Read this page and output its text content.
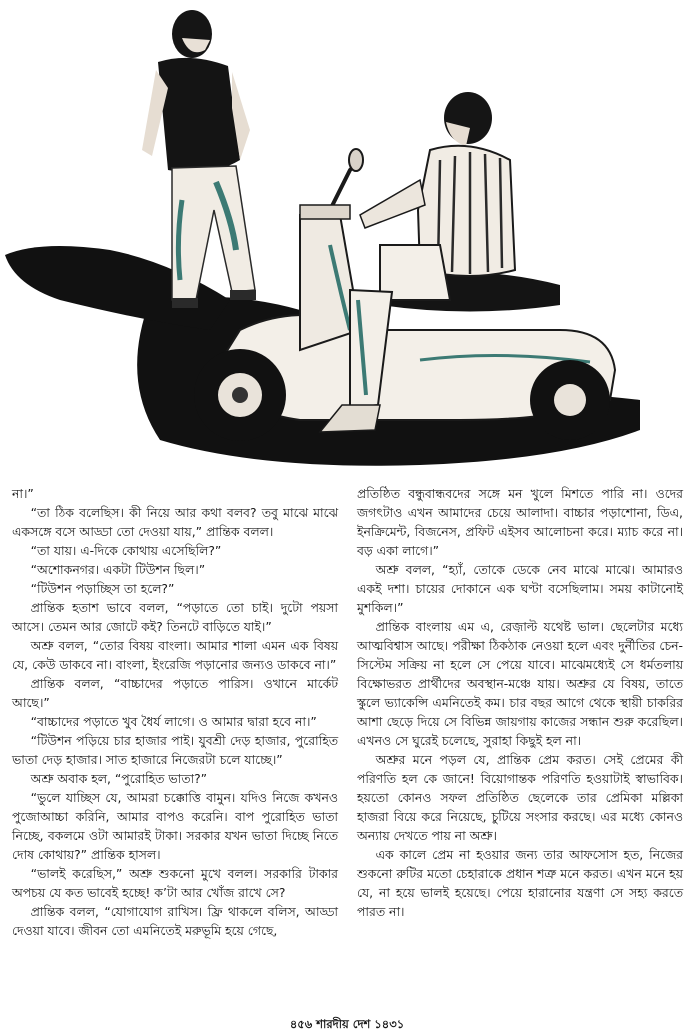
না।”

“তা ঠিক বলেছিস। কী নিয়ে আর কথা বলব? তবু মাঝে মাঝে একসঙ্গে বসে আড্ডা তো দেওয়া যায়,” প্রান্তিক বলল।

“তা যায়। এ-দিকে কোথায় এসেছিলি?”

“অশোকনগর। একটা টিউশন ছিল।”

“টিউশন পড়াচ্ছিস তা হলে?”

প্রান্তিক হতাশ ভাবে বলল, “পড়াতে তো চাই। দুটো পয়সা আসে। তেমন আর জোটে কই? তিনটে বাড়িতে যাই।”

অশ্রু বলল, “তোর বিষয় বাংলা। আমার শালা এমন এক বিষয় যে, কেউ ডাকবে না। বাংলা, ইংরেজি পড়ানোর জন্যও ডাকবে না।”

প্রান্তিক বলল, “বাচ্চাদের পড়াতে পারিস। ওখানে মার্কেট আছে।”

“বাচ্চাদের পড়াতে খুব ধৈর্য লাগে। ও আমার দ্বারা হবে না।”

“টিউশন পড়িয়ে চার হাজার পাই। যুবশ্রী দেড় হাজার, পুরোহিত ভাতা দেড় হাজার। সাত হাজারে নিজেরটা চলে যাচ্ছে।”

অশ্রু অবাক হল, “পুরোহিত ভাতা?”

“ভুলে যাচ্ছিস যে, আমরা চক্কোত্তি বামুন। যদিও নিজে কখনও পুজোআচ্চা করিনি, আমার বাপও করেনি। বাপ পুরোহিত ভাতা নিচ্ছে, বকলমে ওটা আমারই টাকা। সরকার যখন ভাতা দিচ্ছে নিতে দোষ কোথায়?” প্রান্তিক হাসল।

“ভালই করেছিস,” অশ্রু শুকনো মুখে বলল। সরকারি টাকার অপচয় যে কত ভাবেই হচ্ছে! ক’টা আর খোঁজ রাখে সে?

প্রান্তিক বলল, “যোগাযোগ রাখিস। ফ্রি থাকলে বলিস, আড্ডা দেওয়া যাবে। জীবন তো এমনিতেই মরুভূমি হয়ে গেছে,

প্রতিষ্ঠিত বন্ধুবান্ধবদের সঙ্গে মন খুলে মিশতে পারি না। ওদের জগৎটাও এখন আমাদের চেয়ে আলাদা। বাচ্চার পড়াশোনা, ডিএ, ইনক্রিমেন্ট, বিজনেস, প্রফিট এইসব আলোচনা করে। ম্যাচ করে না। বড় একা লাগে।”

অশ্রু বলল, “হ্যাঁ, তোকে ডেকে নেব মাঝে মাঝে। আমারও একই দশা। চায়ের দোকানে এক ঘণ্টা বসেছিলাম। সময় কাটানোই মুশকিল।”

প্রান্তিক বাংলায় এম এ, রেজ়াল্ট যথেষ্ট ভাল। ছেলেটার মধ্যে আত্মবিশ্বাস আছে। পরীক্ষা ঠিকঠাক নেওয়া হলে এবং দুর্নীতির চেন-সিস্টেম সক্রিয় না হলে সে পেয়ে যাবে। মাঝেমধ্যেই সে ধর্মতলায় বিক্ষোভরত প্রার্থীদের অবস্থান-মঞ্চে যায়। অশ্রুর যে বিষয়, তাতে স্কুলে ভ্যাকেন্সি এমনিতেই কম। চার বছর আগে থেকে স্থায়ী চাকরির আশা ছেড়ে দিয়ে সে বিভিন্ন জায়গায় কাজের সন্ধান শুরু করেছিল। এখনও সে ঘুরেই চলেছে, সুরাহা কিছুই হল না।

অশ্রুর মনে পড়ল যে, প্রান্তিক প্রেম করত। সেই প্রেমের কী পরিণতি হল কে জানে! বিয়োগান্তক পরিণতি হওয়াটাই স্বাভাবিক। হয়তো কোনও সফল প্রতিষ্ঠিত ছেলেকে তার প্রেমিকা মল্লিকা হাজরা বিয়ে করে নিয়েছে, চুটিয়ে সংসার করছে। এর মধ্যে কোনও অন্যায় দেখতে পায় না অশ্রু।

এক কালে প্রেম না হওয়ার জন্য তার আফসোস হত, নিজের শুকনো রুটির মতো চেহারাকে প্রধান শত্রু মনে করত। এখন মনে হয় যে, না হয়ে ভালই হয়েছে। পেয়ে হারানোর যন্ত্রণা সে সহ্য করতে পারত না।

৪৫৬ শারদীয় দেশ ১৪৩১
